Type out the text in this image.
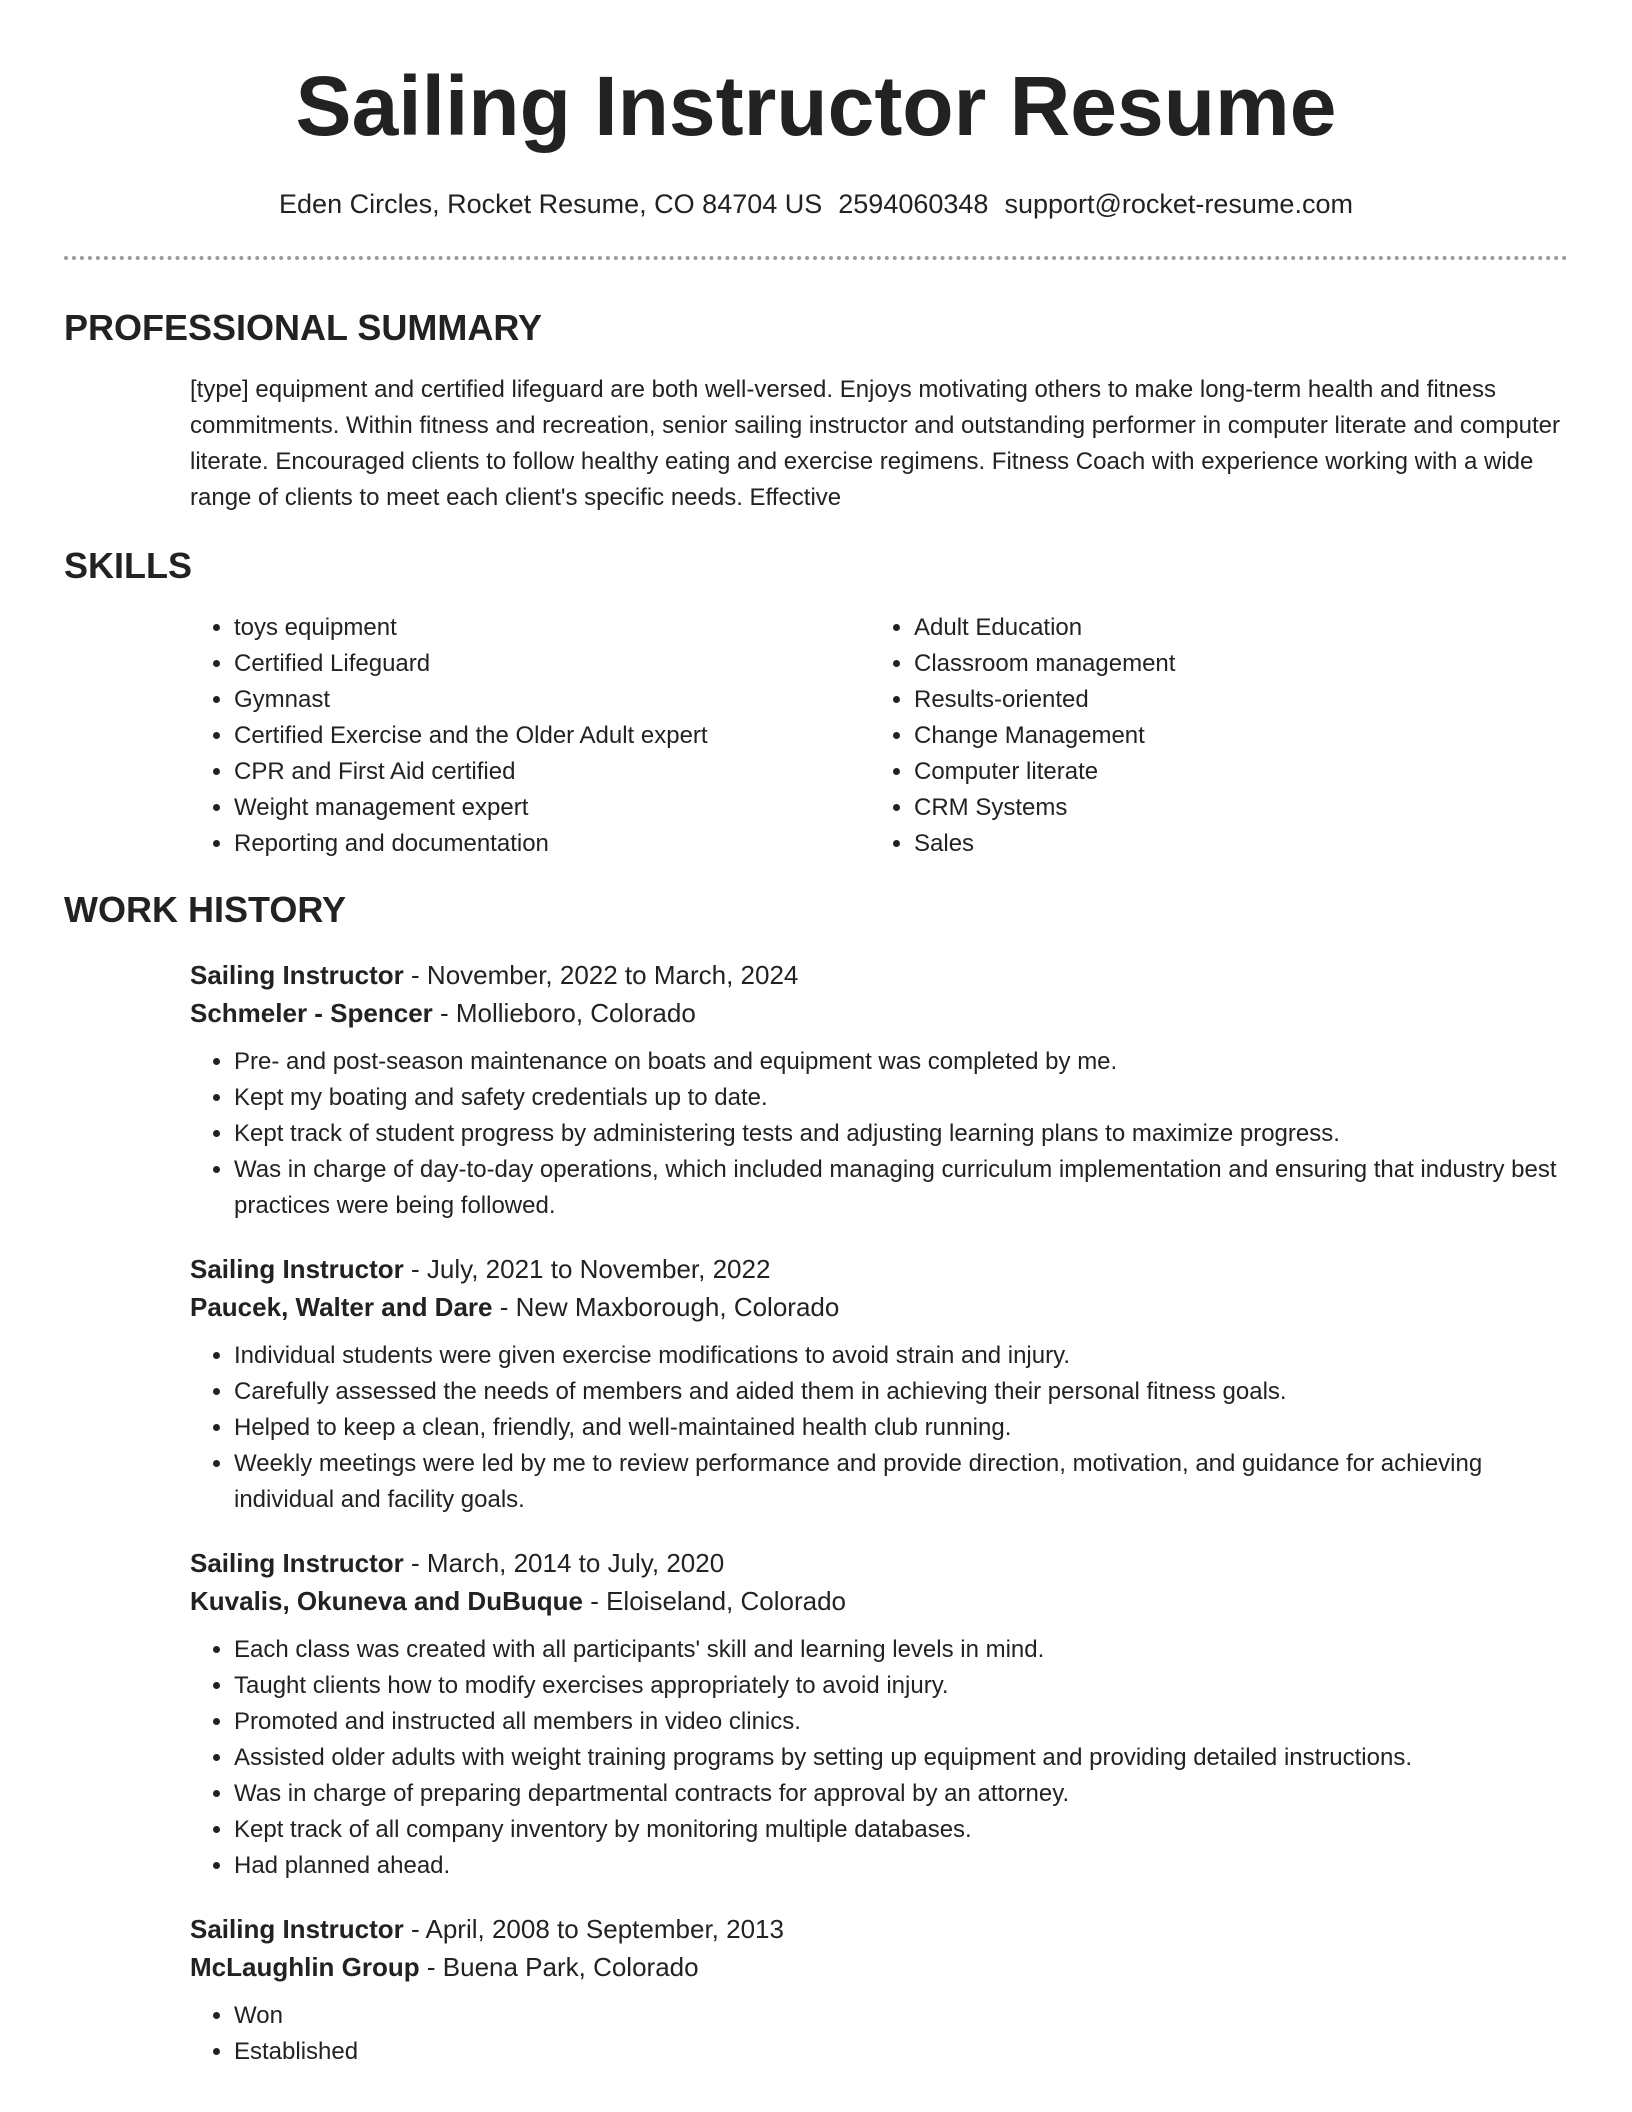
Sailing Instructor Resume
Eden Circles, Rocket Resume, CO 84704 US 2594060348 support@rocket-resume.com
PROFESSIONAL SUMMARY
[type] equipment and certified lifeguard are both well-versed. Enjoys motivating others to make long-term health and fitness commitments. Within fitness and recreation, senior sailing instructor and outstanding performer in computer literate and computer literate. Encouraged clients to follow healthy eating and exercise regimens. Fitness Coach with experience working with a wide range of clients to meet each client's specific needs. Effective
SKILLS
• toys equipment
• Certified Lifeguard
• Gymnast
• Certified Exercise and the Older Adult expert
• CPR and First Aid certified
• Weight management expert
• Reporting and documentation
• Adult Education
• Classroom management
• Results-oriented
• Change Management
• Computer literate
• CRM Systems
• Sales
WORK HISTORY
Sailing Instructor - November, 2022 to March, 2024
Schmeler - Spencer - Mollieboro, Colorado
• Pre- and post-season maintenance on boats and equipment was completed by me.
• Kept my boating and safety credentials up to date.
• Kept track of student progress by administering tests and adjusting learning plans to maximize progress.
• Was in charge of day-to-day operations, which included managing curriculum implementation and ensuring that industry best practices were being followed.
Sailing Instructor - July, 2021 to November, 2022
Paucek, Walter and Dare - New Maxborough, Colorado
• Individual students were given exercise modifications to avoid strain and injury.
• Carefully assessed the needs of members and aided them in achieving their personal fitness goals.
• Helped to keep a clean, friendly, and well-maintained health club running.
• Weekly meetings were led by me to review performance and provide direction, motivation, and guidance for achieving individual and facility goals.
Sailing Instructor - March, 2014 to July, 2020
Kuvalis, Okuneva and DuBuque - Eloiseland, Colorado
• Each class was created with all participants' skill and learning levels in mind.
• Taught clients how to modify exercises appropriately to avoid injury.
• Promoted and instructed all members in video clinics.
• Assisted older adults with weight training programs by setting up equipment and providing detailed instructions.
• Was in charge of preparing departmental contracts for approval by an attorney.
• Kept track of all company inventory by monitoring multiple databases.
• Had planned ahead.
Sailing Instructor - April, 2008 to September, 2013
McLaughlin Group - Buena Park, Colorado
• Won
• Established
